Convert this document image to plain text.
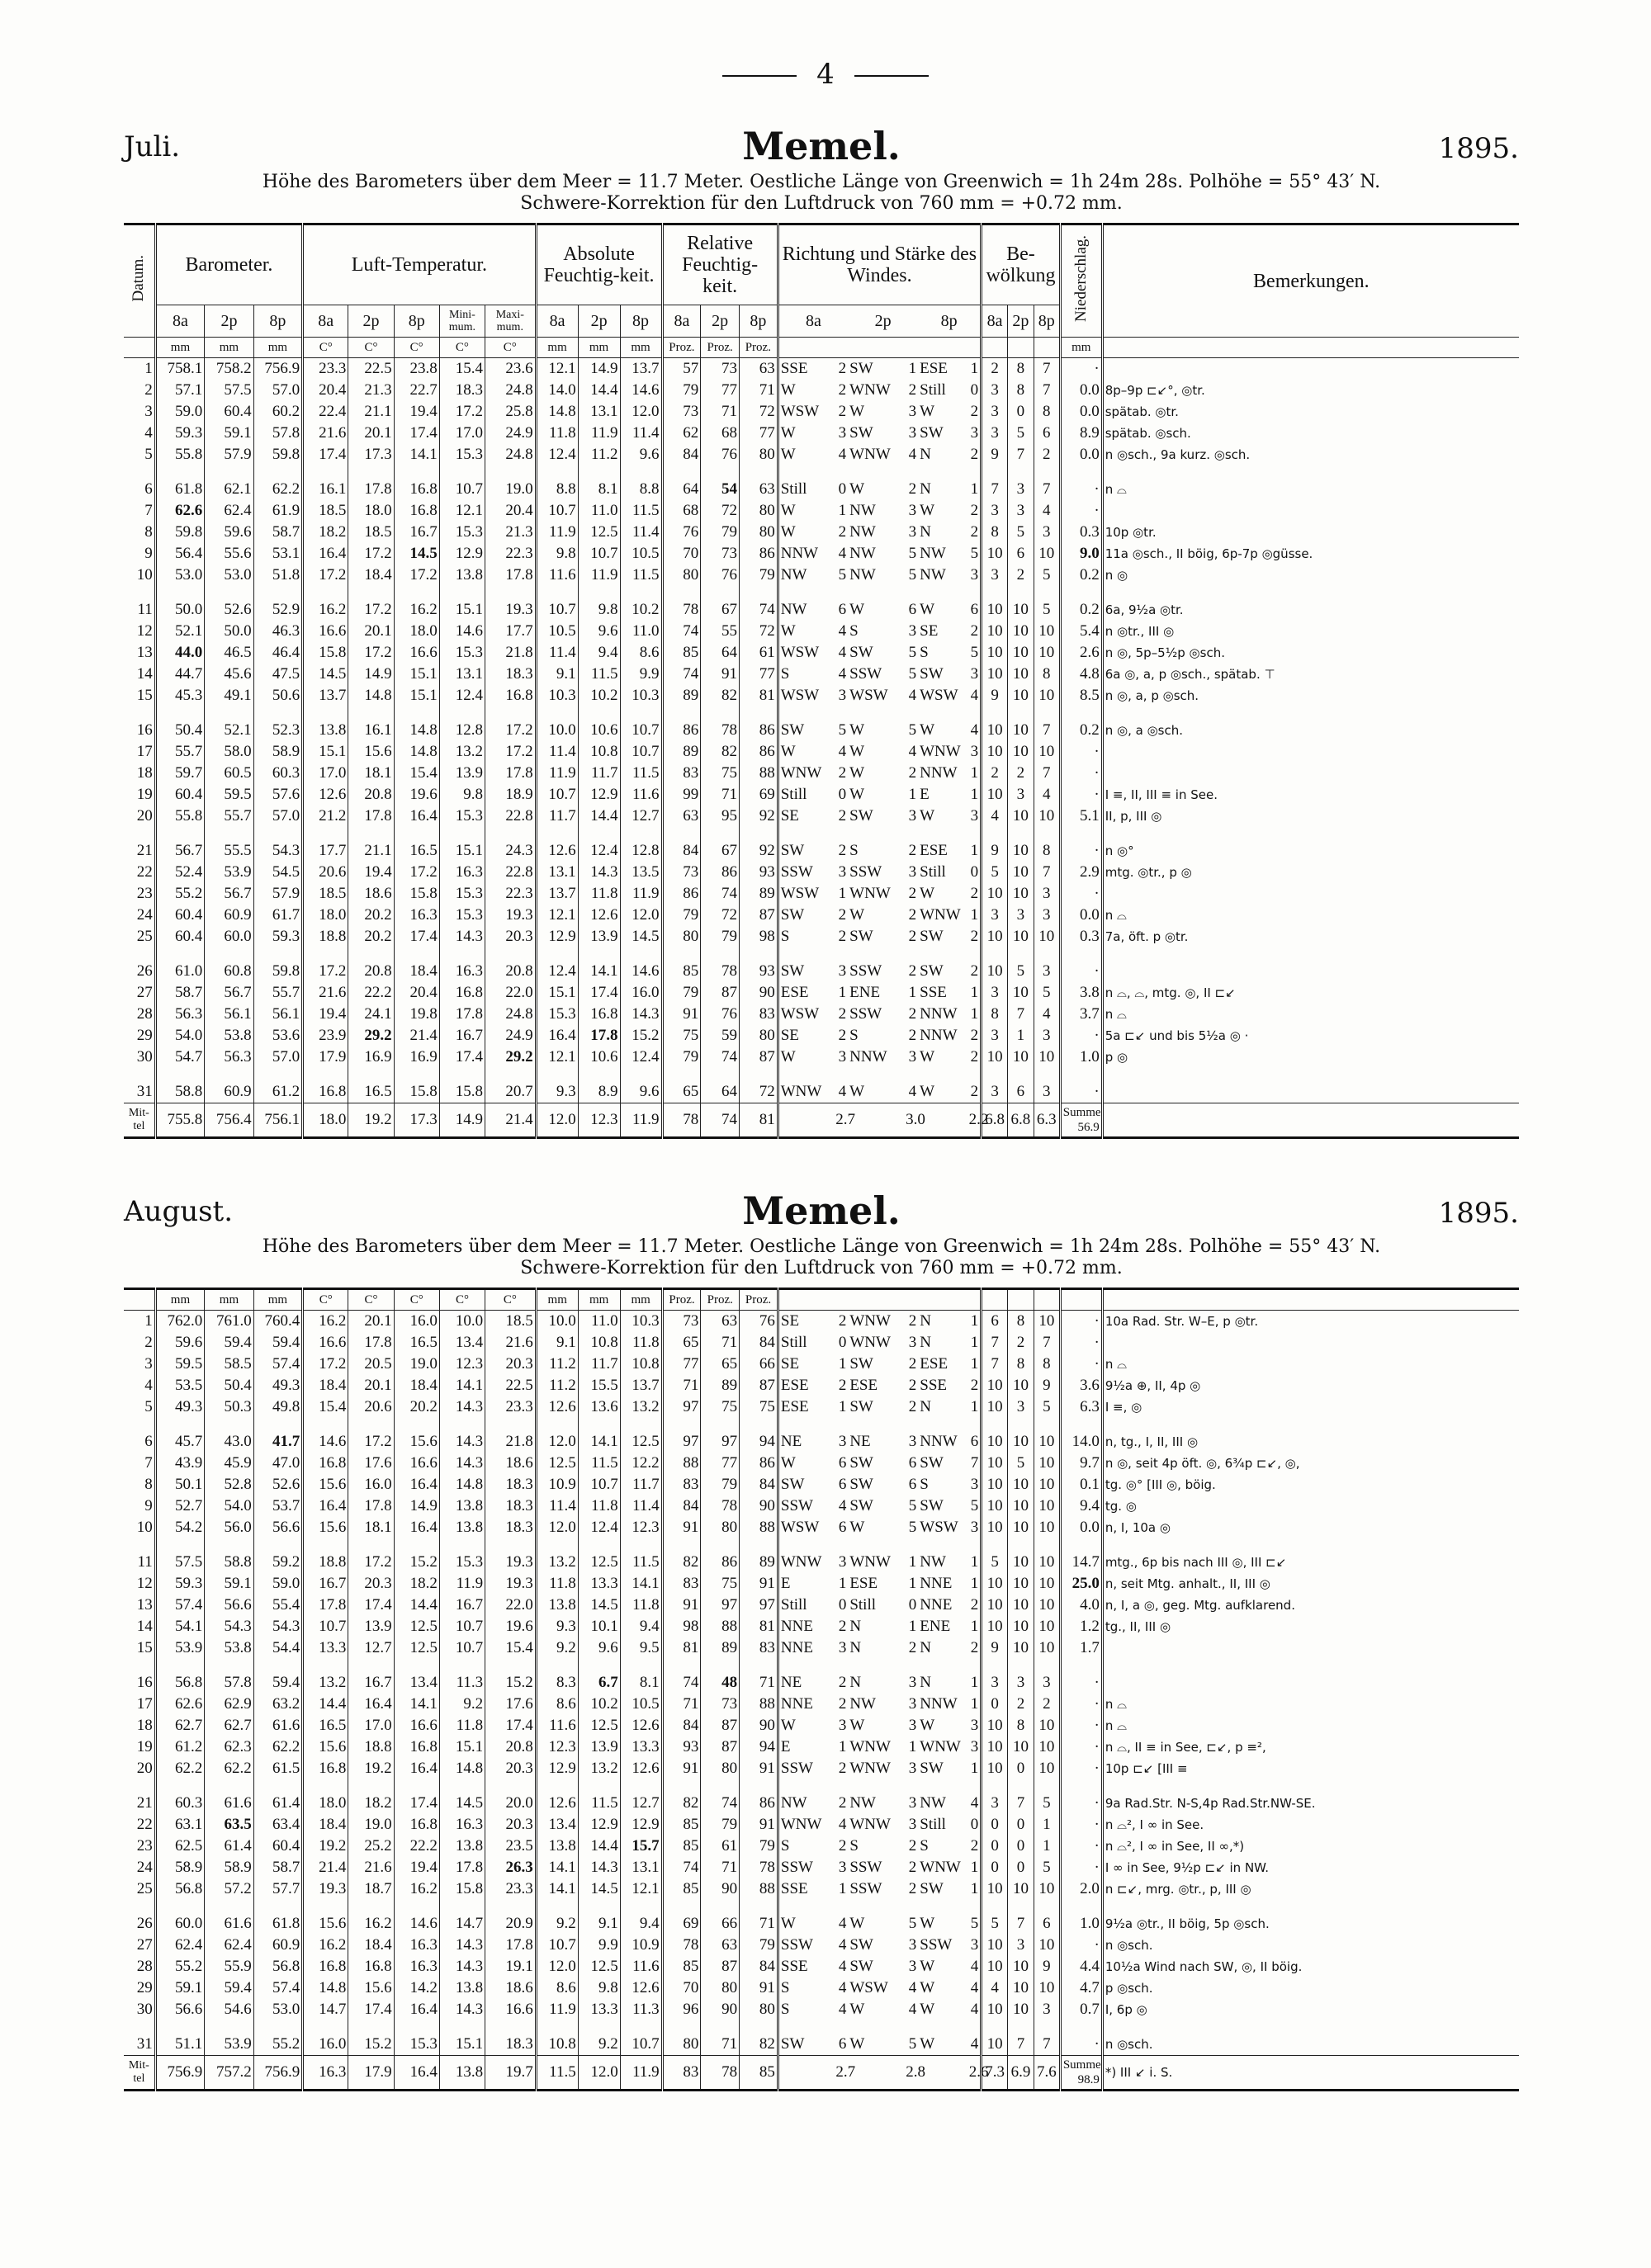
4
Juli.	Memel.	1895.
Höhe des Barometers über dem Meer = 11.7 Meter. Oestliche Länge von Greenwich = 1h 24m 28s. Polhöhe = 55° 43′ N.
Schwere-Korrektion für den Luftdruck von 760 mm = +0.72 mm.
Datum.	Barometer.			Luft-Temperatur.					Absolute Feuchtig-keit.			Relative Feuchtig-keit.			Richtung und Stärke des Windes.						Be-wölkung			Niederschlag.	Bemerkungen.
	8a	2p	8p	8a	2p	8p	Mini-mum.	Maxi-mum.	8a	2p	8p	8a	2p	8p	8a		2p		8p		8a	2p	8p		
	mm	mm	mm	C°	C°	C°	C°	C°	mm	mm	mm	Proz.	Proz.	Proz.										mm	
1	758.1	758.2	756.9	23.3	22.5	23.8	15.4	23.6	12.1	14.9	13.7	57	73	63	SSE	2	SW	1	ESE	1	2	8	7	·	
2	57.1	57.5	57.0	20.4	21.3	22.7	18.3	24.8	14.0	14.4	14.6	79	77	71	W	2	WNW	2	Still	0	3	8	7	0.0	8p–9p ⊏↙°, ◎tr.
3	59.0	60.4	60.2	22.4	21.1	19.4	17.2	25.8	14.8	13.1	12.0	73	71	72	WSW	2	W	3	W	2	3	0	8	0.0	spätab. ◎tr.
4	59.3	59.1	57.8	21.6	20.1	17.4	17.0	24.9	11.8	11.9	11.4	62	68	77	W	3	SW	3	SW	3	3	5	6	8.9	spätab. ◎sch.
5	55.8	57.9	59.8	17.4	17.3	14.1	15.3	24.8	12.4	11.2	9.6	84	76	80	W	4	WNW	4	N	2	9	7	2	0.0	n ◎sch., 9a kurz. ◎sch.
6	61.8	62.1	62.2	16.1	17.8	16.8	10.7	19.0	8.8	8.1	8.8	64	54	63	Still	0	W	2	N	1	7	3	7	·	n ⌓
7	62.6	62.4	61.9	18.5	18.0	16.8	12.1	20.4	10.7	11.0	11.5	68	72	80	W	1	NW	3	W	2	3	3	4	·	
8	59.8	59.6	58.7	18.2	18.5	16.7	15.3	21.3	11.9	12.5	11.4	76	79	80	W	2	NW	3	N	2	8	5	3	0.3	10p ◎tr.
9	56.4	55.6	53.1	16.4	17.2	14.5	12.9	22.3	9.8	10.7	10.5	70	73	86	NNW	4	NW	5	NW	5	10	6	10	9.0	11a ◎sch., II böig, 6p-7p ◎güsse.
10	53.0	53.0	51.8	17.2	18.4	17.2	13.8	17.8	11.6	11.9	11.5	80	76	79	NW	5	NW	5	NW	3	3	2	5	0.2	n ◎
11	50.0	52.6	52.9	16.2	17.2	16.2	15.1	19.3	10.7	9.8	10.2	78	67	74	NW	6	W	6	W	6	10	10	5	0.2	6a, 9½a ◎tr.
12	52.1	50.0	46.3	16.6	20.1	18.0	14.6	17.7	10.5	9.6	11.0	74	55	72	W	4	S	3	SE	2	10	10	10	5.4	n ◎tr., III ◎
13	44.0	46.5	46.4	15.8	17.2	16.6	15.3	21.8	11.4	9.4	8.6	85	64	61	WSW	4	SW	5	S	5	10	10	10	2.6	n ◎, 5p–5½p ◎sch.
14	44.7	45.6	47.5	14.5	14.9	15.1	13.1	18.3	9.1	11.5	9.9	74	91	77	S	4	SSW	5	SW	3	10	10	8	4.8	6a ◎, a, p ◎sch., spätab. ⊤
15	45.3	49.1	50.6	13.7	14.8	15.1	12.4	16.8	10.3	10.2	10.3	89	82	81	WSW	3	WSW	4	WSW	4	9	10	10	8.5	n ◎, a, p ◎sch.
16	50.4	52.1	52.3	13.8	16.1	14.8	12.8	17.2	10.0	10.6	10.7	86	78	86	SW	5	W	5	W	4	10	10	7	0.2	n ◎, a ◎sch.
17	55.7	58.0	58.9	15.1	15.6	14.8	13.2	17.2	11.4	10.8	10.7	89	82	86	W	4	W	4	WNW	3	10	10	10	·	
18	59.7	60.5	60.3	17.0	18.1	15.4	13.9	17.8	11.9	11.7	11.5	83	75	88	WNW	2	W	2	NNW	1	2	2	7	·	
19	60.4	59.5	57.6	12.6	20.8	19.6	9.8	18.9	10.7	12.9	11.6	99	71	69	Still	0	W	1	E	1	10	3	4	·	I ≡, II, III ≡ in See.
20	55.8	55.7	57.0	21.2	17.8	16.4	15.3	22.8	11.7	14.4	12.7	63	95	92	SE	2	SW	3	W	3	4	10	10	5.1	II, p, III ◎
21	56.7	55.5	54.3	17.7	21.1	16.5	15.1	24.3	12.6	12.4	12.8	84	67	92	SW	2	S	2	ESE	1	9	10	8	·	n ◎°
22	52.4	53.9	54.5	20.6	19.4	17.2	16.3	22.8	13.1	14.3	13.5	73	86	93	SSW	3	SSW	3	Still	0	5	10	7	2.9	mtg. ◎tr., p ◎
23	55.2	56.7	57.9	18.5	18.6	15.8	15.3	22.3	13.7	11.8	11.9	86	74	89	WSW	1	WNW	2	W	2	10	10	3	·	
24	60.4	60.9	61.7	18.0	20.2	16.3	15.3	19.3	12.1	12.6	12.0	79	72	87	SW	2	W	2	WNW	1	3	3	3	0.0	n ⌓
25	60.4	60.0	59.3	18.8	20.2	17.4	14.3	20.3	12.9	13.9	14.5	80	79	98	S	2	SW	2	SW	2	10	10	10	0.3	7a, öft. p ◎tr.
26	61.0	60.8	59.8	17.2	20.8	18.4	16.3	20.8	12.4	14.1	14.6	85	78	93	SW	3	SSW	2	SW	2	10	5	3	·	
27	58.7	56.7	55.7	21.6	22.2	20.4	16.8	22.0	15.1	17.4	16.0	79	87	90	ESE	1	ENE	1	SSE	1	3	10	5	3.8	n ⌓, ⌓, mtg. ◎, II ⊏↙
28	56.3	56.1	56.1	19.4	24.1	19.8	17.8	24.8	15.3	16.8	14.3	91	76	83	WSW	2	SSW	2	NNW	1	8	7	4	3.7	n ⌓
29	54.0	53.8	53.6	23.9	29.2	21.4	16.7	24.9	16.4	17.8	15.2	75	59	80	SE	2	S	2	NNW	2	3	1	3	·	5a ⊏↙ und bis 5½a ◎ ·
30	54.7	56.3	57.0	17.9	16.9	16.9	17.4	29.2	12.1	10.6	12.4	79	74	87	W	3	NNW	3	W	2	10	10	10	1.0	p ◎
31	58.8	60.9	61.2	16.8	16.5	15.8	15.8	20.7	9.3	8.9	9.6	65	64	72	WNW	4	W	4	W	2	3	6	3	·	
Mit-tel	755.8	756.4	756.1	18.0	19.2	17.3	14.9	21.4	12.0	12.3	11.9	78	74	81		2.7		3.0		2.2	6.8	6.8	6.3	Summe 56.9	
August.	Memel.	1895.
Höhe des Barometers über dem Meer = 11.7 Meter. Oestliche Länge von Greenwich = 1h 24m 28s. Polhöhe = 55° 43′ N.
Schwere-Korrektion für den Luftdruck von 760 mm = +0.72 mm.
	mm	mm	mm	C°	C°	C°	C°	C°	mm	mm	mm	Proz.	Proz.	Proz.											
1	762.0	761.0	760.4	16.2	20.1	16.0	10.0	18.5	10.0	11.0	10.3	73	63	76	SE	2	WNW	2	N	1	6	8	10	·	10a Rad. Str. W–E, p ◎tr.
2	59.6	59.4	59.4	16.6	17.8	16.5	13.4	21.6	9.1	10.8	11.8	65	71	84	Still	0	WNW	3	N	1	7	2	7	·	
3	59.5	58.5	57.4	17.2	20.5	19.0	12.3	20.3	11.2	11.7	10.8	77	65	66	SE	1	SW	2	ESE	1	7	8	8	·	n ⌓
4	53.5	50.4	49.3	18.4	20.1	18.4	14.1	22.5	11.2	15.5	13.7	71	89	87	ESE	2	ESE	2	SSE	2	10	10	9	3.6	9½a ⊕, II, 4p ◎
5	49.3	50.3	49.8	15.4	20.6	20.2	14.3	23.3	12.6	13.6	13.2	97	75	75	ESE	1	SW	2	N	1	10	3	5	6.3	I ≡, ◎
6	45.7	43.0	41.7	14.6	17.2	15.6	14.3	21.8	12.0	14.1	12.5	97	97	94	NE	3	NE	3	NNW	6	10	10	10	14.0	n, tg., I, II, III ◎
7	43.9	45.9	47.0	16.8	17.6	16.6	14.3	18.6	12.5	11.5	12.2	88	77	86	W	6	SW	6	SW	7	10	5	10	9.7	n ◎, seit 4p öft. ◎, 6¾p ⊏↙, ◎,
8	50.1	52.8	52.6	15.6	16.0	16.4	14.8	18.3	10.9	10.7	11.7	83	79	84	SW	6	SW	6	S	3	10	10	10	0.1	tg. ◎° [III ◎, böig.
9	52.7	54.0	53.7	16.4	17.8	14.9	13.8	18.3	11.4	11.8	11.4	84	78	90	SSW	4	SW	5	SW	5	10	10	10	9.4	tg. ◎
10	54.2	56.0	56.6	15.6	18.1	16.4	13.8	18.3	12.0	12.4	12.3	91	80	88	WSW	6	W	5	WSW	3	10	10	10	0.0	n, I, 10a ◎
11	57.5	58.8	59.2	18.8	17.2	15.2	15.3	19.3	13.2	12.5	11.5	82	86	89	WNW	3	WNW	1	NW	1	5	10	10	14.7	mtg., 6p bis nach III ◎, III ⊏↙
12	59.3	59.1	59.0	16.7	20.3	18.2	11.9	19.3	11.8	13.3	14.1	83	75	91	E	1	ESE	1	NNE	1	10	10	10	25.0	n, seit Mtg. anhalt., II, III ◎
13	57.4	56.6	55.4	17.8	17.4	14.4	16.7	22.0	13.8	14.5	11.8	91	97	97	Still	0	Still	0	NNE	2	10	10	10	4.0	n, I, a ◎, geg. Mtg. aufklarend.
14	54.1	54.3	54.3	10.7	13.9	12.5	10.7	19.6	9.3	10.1	9.4	98	88	81	NNE	2	N	1	ENE	1	10	10	10	1.2	tg., II, III ◎
15	53.9	53.8	54.4	13.3	12.7	12.5	10.7	15.4	9.2	9.6	9.5	81	89	83	NNE	3	N	2	N	2	9	10	10	1.7	
16	56.8	57.8	59.4	13.2	16.7	13.4	11.3	15.2	8.3	6.7	8.1	74	48	71	NE	2	N	3	N	1	3	3	3	·	
17	62.6	62.9	63.2	14.4	16.4	14.1	9.2	17.6	8.6	10.2	10.5	71	73	88	NNE	2	NW	3	NNW	1	0	2	2	·	n ⌓
18	62.7	62.7	61.6	16.5	17.0	16.6	11.8	17.4	11.6	12.5	12.6	84	87	90	W	3	W	3	W	3	10	8	10	·	n ⌓
19	61.2	62.3	62.2	15.6	18.8	16.8	15.1	20.8	12.3	13.9	13.3	93	87	94	E	1	WNW	1	WNW	3	10	10	10	·	n ⌓, II ≡ in See, ⊏↙, p ≡²,
20	62.2	62.2	61.5	16.8	19.2	16.4	14.8	20.3	12.9	13.2	12.6	91	80	91	SSW	2	WNW	3	SW	1	10	0	10	·	10p ⊏↙ [III ≡
21	60.3	61.6	61.4	18.0	18.2	17.4	14.5	20.0	12.6	11.5	12.7	82	74	86	NW	2	NW	3	NW	4	3	7	5	·	9a Rad.Str. N-S,4p Rad.Str.NW-SE.
22	63.1	63.5	63.4	18.4	19.0	16.8	16.3	20.3	13.4	12.9	12.9	85	79	91	WNW	4	WNW	3	Still	0	0	0	1	·	n ⌓², I ∞ in See.
23	62.5	61.4	60.4	19.2	25.2	22.2	13.8	23.5	13.8	14.4	15.7	85	61	79	S	2	S	2	S	2	0	0	1	·	n ⌓², I ∞ in See, II ∞,*)
24	58.9	58.9	58.7	21.4	21.6	19.4	17.8	26.3	14.1	14.3	13.1	74	71	78	SSW	3	SSW	2	WNW	1	0	0	5	·	I ∞ in See, 9½p ⊏↙ in NW.
25	56.8	57.2	57.7	19.3	18.7	16.2	15.8	23.3	14.1	14.5	12.1	85	90	88	SSE	1	SSW	2	SW	1	10	10	10	2.0	n ⊏↙, mrg. ◎tr., p, III ◎
26	60.0	61.6	61.8	15.6	16.2	14.6	14.7	20.9	9.2	9.1	9.4	69	66	71	W	4	W	5	W	5	5	7	6	1.0	9½a ◎tr., II böig, 5p ◎sch.
27	62.4	62.4	60.9	16.2	18.4	16.3	14.3	17.8	10.7	9.9	10.9	78	63	79	SSW	4	SW	3	SSW	3	10	3	10	·	n ◎sch.
28	55.2	55.9	56.8	16.8	16.8	16.3	14.3	19.1	12.0	12.5	11.6	85	87	84	SSE	4	SW	3	W	4	10	10	9	4.4	10½a Wind nach SW, ◎, II böig.
29	59.1	59.4	57.4	14.8	15.6	14.2	13.8	18.6	8.6	9.8	12.6	70	80	91	S	4	WSW	4	W	4	4	10	10	4.7	p ◎sch.
30	56.6	54.6	53.0	14.7	17.4	16.4	14.3	16.6	11.9	13.3	11.3	96	90	80	S	4	W	4	W	4	10	10	3	0.7	I, 6p ◎
31	51.1	53.9	55.2	16.0	15.2	15.3	15.1	18.3	10.8	9.2	10.7	80	71	82	SW	6	W	5	W	4	10	7	7	·	n ◎sch.
Mit-tel	756.9	757.2	756.9	16.3	17.9	16.4	13.8	19.7	11.5	12.0	11.9	83	78	85		2.7		2.8		2.6	7.3	6.9	7.6	Summe 98.9	*) III ↙ i. S.
